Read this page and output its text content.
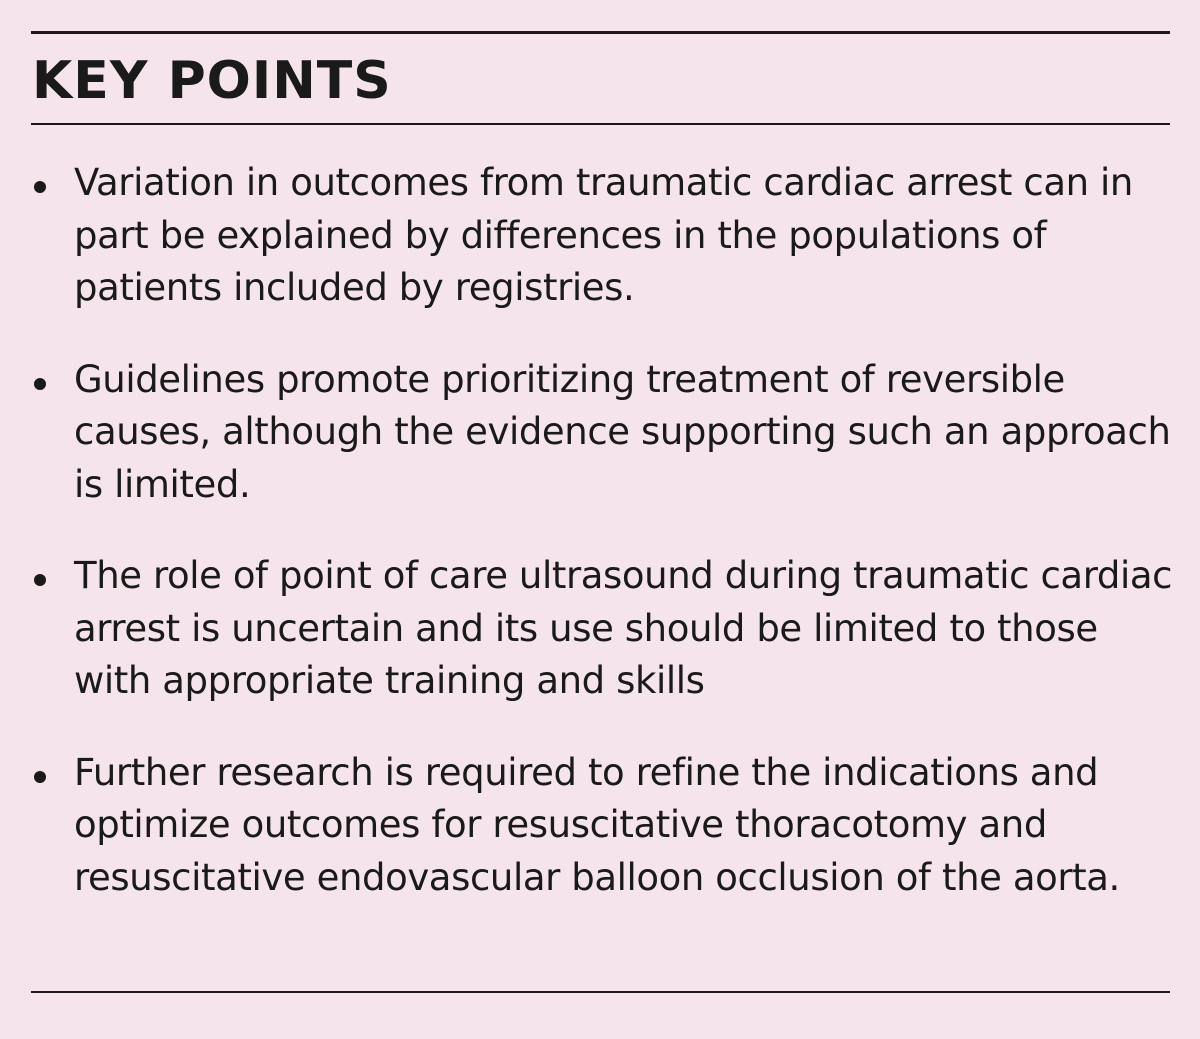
KEY POINTS
Variation in outcomes from traumatic cardiac arrest can in part be explained by differences in the populations of patients included by registries.
Guidelines promote prioritizing treatment of reversible causes, although the evidence supporting such an approach is limited.
The role of point of care ultrasound during traumatic cardiac arrest is uncertain and its use should be limited to those with appropriate training and skills
Further research is required to refine the indications and optimize outcomes for resuscitative thoracotomy and resuscitative endovascular balloon occlusion of the aorta.
